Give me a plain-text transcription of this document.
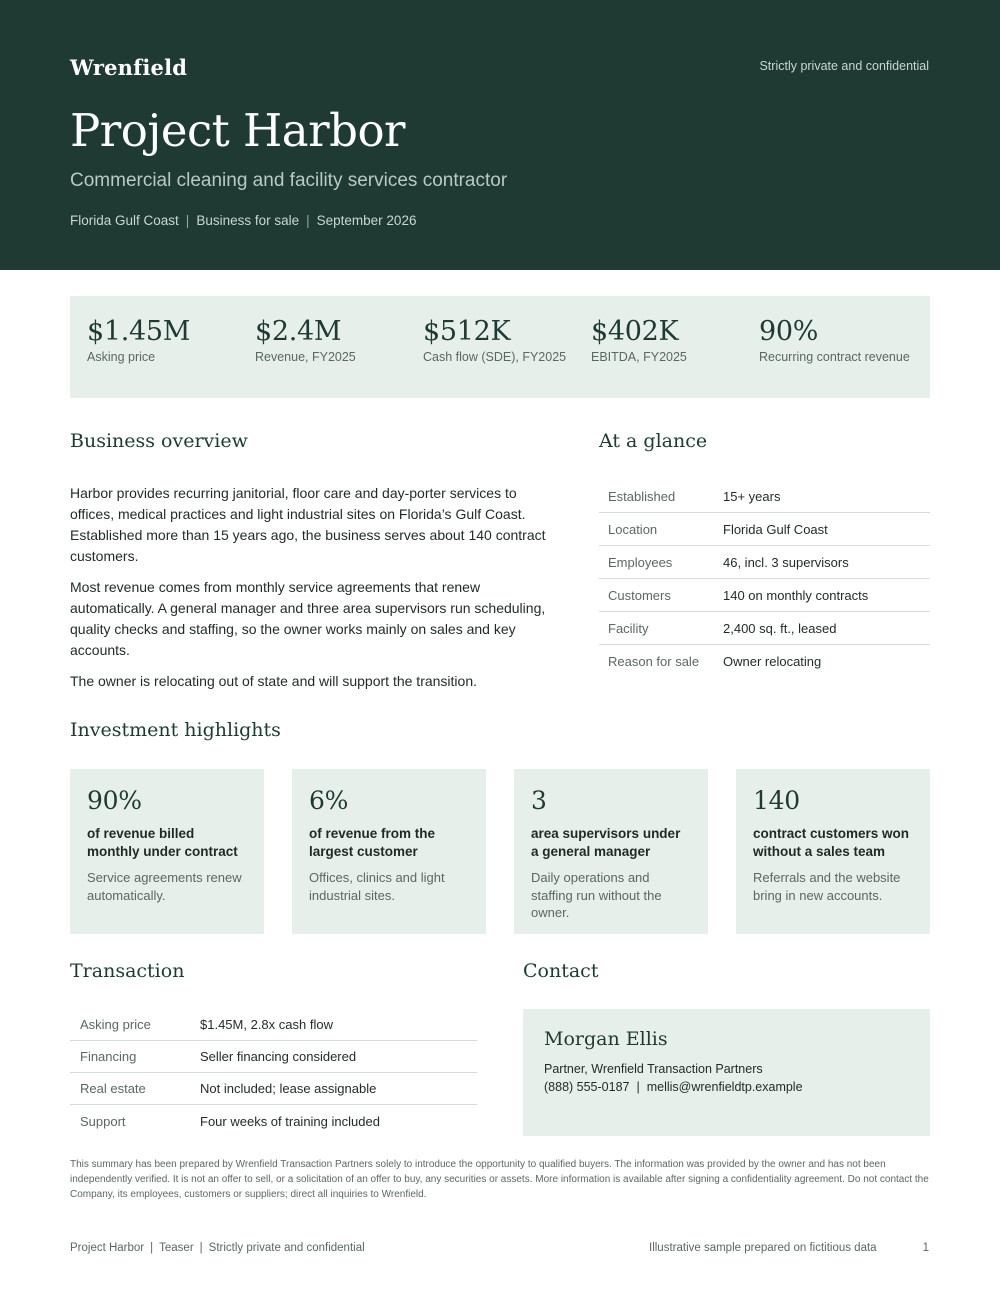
Wrenfield	Strictly private and confidential
Project Harbor
Commercial cleaning and facility services contractor
Florida Gulf Coast | Business for sale | September 2026
$1.45M
Asking price
$2.4M
Revenue, FY2025
$512K
Cash flow (SDE), FY2025
$402K
EBITDA, FY2025
90%
Recurring contract revenue
Business overview

Harbor provides recurring janitorial, floor care and day-porter services to offices, medical practices and light industrial sites on Florida’s Gulf Coast. Established more than 15 years ago, the business serves about 140 contract customers.

Most revenue comes from monthly service agreements that renew automatically. A general manager and three area supervisors run scheduling, quality checks and staffing, so the owner works mainly on sales and key accounts.

The owner is relocating out of state and will support the transition.

At a glance
Established	15+ years
Location	Florida Gulf Coast
Employees	46, incl. 3 supervisors
Customers	140 on monthly contracts
Facility	2,400 sq. ft., leased
Reason for sale	Owner relocating
Investment highlights
90%
of revenue billed monthly under contract
Service agreements renew automatically.
6%
of revenue from the largest customer
Offices, clinics and light industrial sites.
3
area supervisors under a general manager
Daily operations and staffing run without the owner.
140
contract customers won without a sales team
Referrals and the website bring in new accounts.
Transaction
Asking price	$1.45M, 2.8x cash flow
Financing	Seller financing considered
Real estate	Not included; lease assignable
Support	Four weeks of training included
Contact
Morgan Ellis
Partner, Wrenfield Transaction Partners
(888) 555-0187 | mellis@wrenfieldtp.example
This summary has been prepared by Wrenfield Transaction Partners solely to introduce the opportunity to qualified buyers. The information was provided by the owner and has not been independently verified. It is not an offer to sell, or a solicitation of an offer to buy, any securities or assets. More information is available after signing a confidentiality agreement. Do not contact the Company, its employees, customers or suppliers; direct all inquiries to Wrenfield.
Project Harbor | Teaser | Strictly private and confidential	Illustrative sample prepared on fictitious data	1
